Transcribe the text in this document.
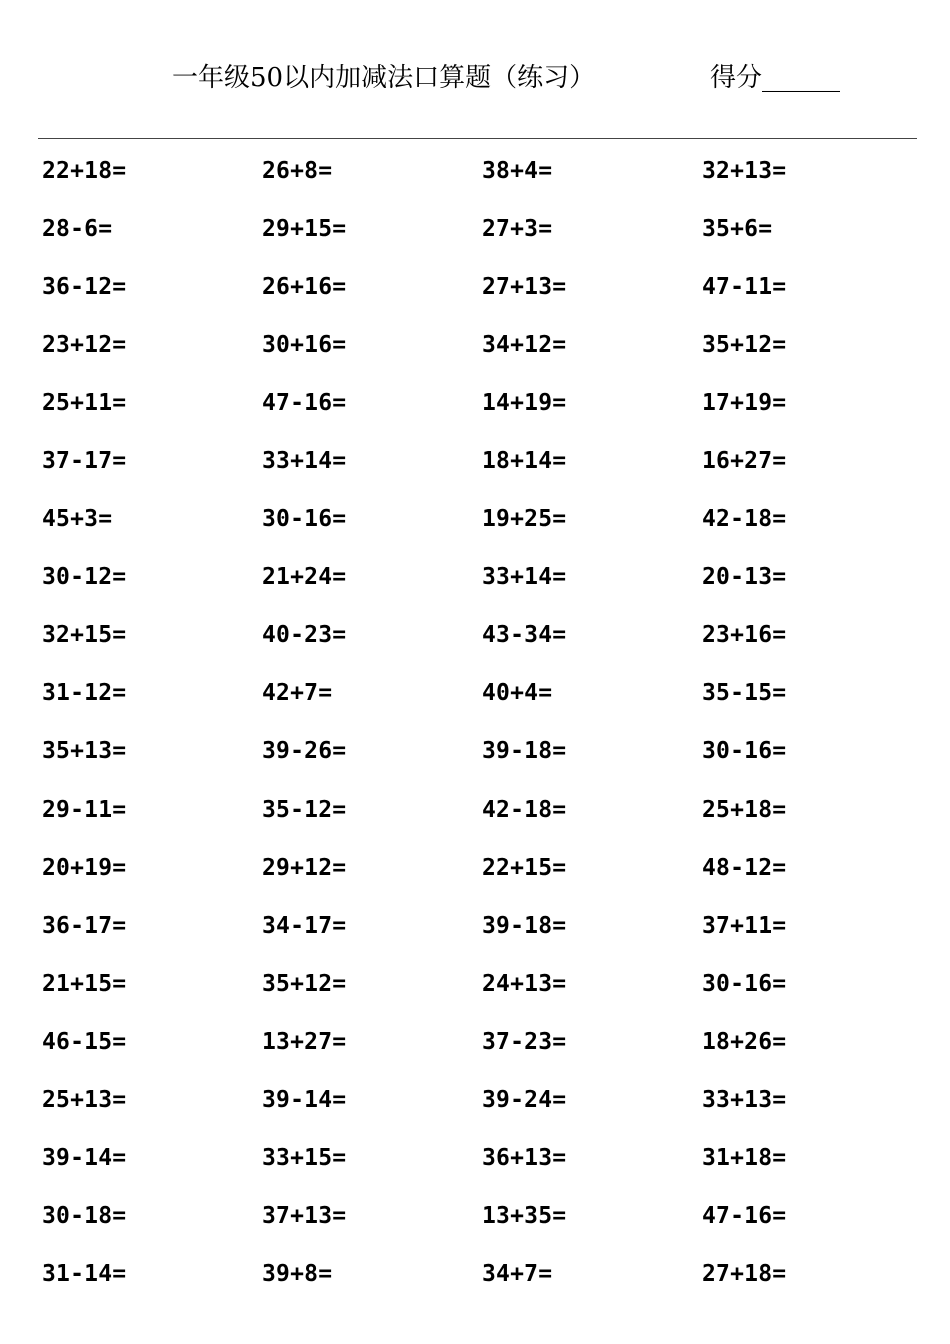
一年级50以内加减法口算题（练习）	得分______
22+18=	26+8=	38+4=	32+13=
28-6=	29+15=	27+3=	35+6=
36-12=	26+16=	27+13=	47-11=
23+12=	30+16=	34+12=	35+12=
25+11=	47-16=	14+19=	17+19=
37-17=	33+14=	18+14=	16+27=
45+3=	30-16=	19+25=	42-18=
30-12=	21+24=	33+14=	20-13=
32+15=	40-23=	43-34=	23+16=
31-12=	42+7=	40+4=	35-15=
35+13=	39-26=	39-18=	30-16=
29-11=	35-12=	42-18=	25+18=
20+19=	29+12=	22+15=	48-12=
36-17=	34-17=	39-18=	37+11=
21+15=	35+12=	24+13=	30-16=
46-15=	13+27=	37-23=	18+26=
25+13=	39-14=	39-24=	33+13=
39-14=	33+15=	36+13=	31+18=
30-18=	37+13=	13+35=	47-16=
31-14=	39+8=	34+7=	27+18=
